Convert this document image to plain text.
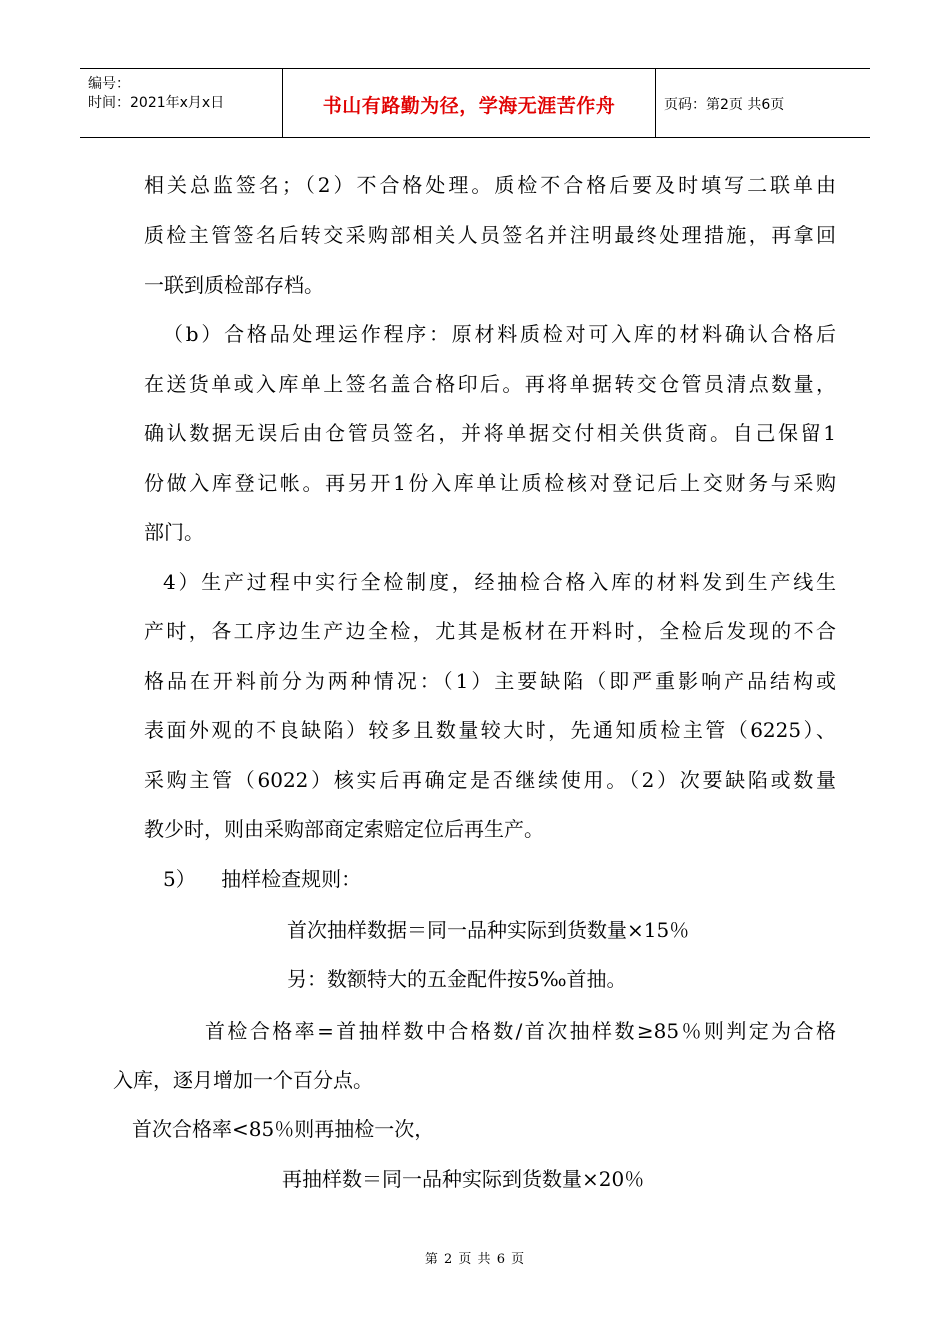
编号：
时间：2021年x月x日	书山有路勤为径，学海无涯苦作舟	页码：第2页 共6页
相关总监签名；（2）不合格处理。质检不合格后要及时填写二联单由
质检主管签名后转交采购部相关人员签名并注明最终处理措施，再拿回
一联到质检部存档。
（b）合格品处理运作程序：原材料质检对可入库的材料确认合格后
在送货单或入库单上签名盖合格印后。再将单据转交仓管员清点数量，
确认数据无误后由仓管员签名，并将单据交付相关供货商。自己保留1
份做入库登记帐。再另开1份入库单让质检核对登记后上交财务与采购
部门。
4）生产过程中实行全检制度，经抽检合格入库的材料发到生产线生
产时，各工序边生产边全检，尤其是板材在开料时，全检后发现的不合
格品在开料前分为两种情况：（1）主要缺陷（即严重影响产品结构或
表面外观的不良缺陷）较多且数量较大时，先通知质检主管（6225）、
采购主管（6022）核实后再确定是否继续使用。（2）次要缺陷或数量
教少时，则由采购部商定索赔定位后再生产。
5）    抽样检查规则：
首次抽样数据＝同一品种实际到货数量×15％
另：数额特大的五金配件按5‰首抽。
首检合格率=首抽样数中合格数/首次抽样数≥85％则判定为合格
入库，逐月增加一个百分点。
首次合格率<85％则再抽检一次，
再抽样数＝同一品种实际到货数量×20％
第 2 页 共 6 页
